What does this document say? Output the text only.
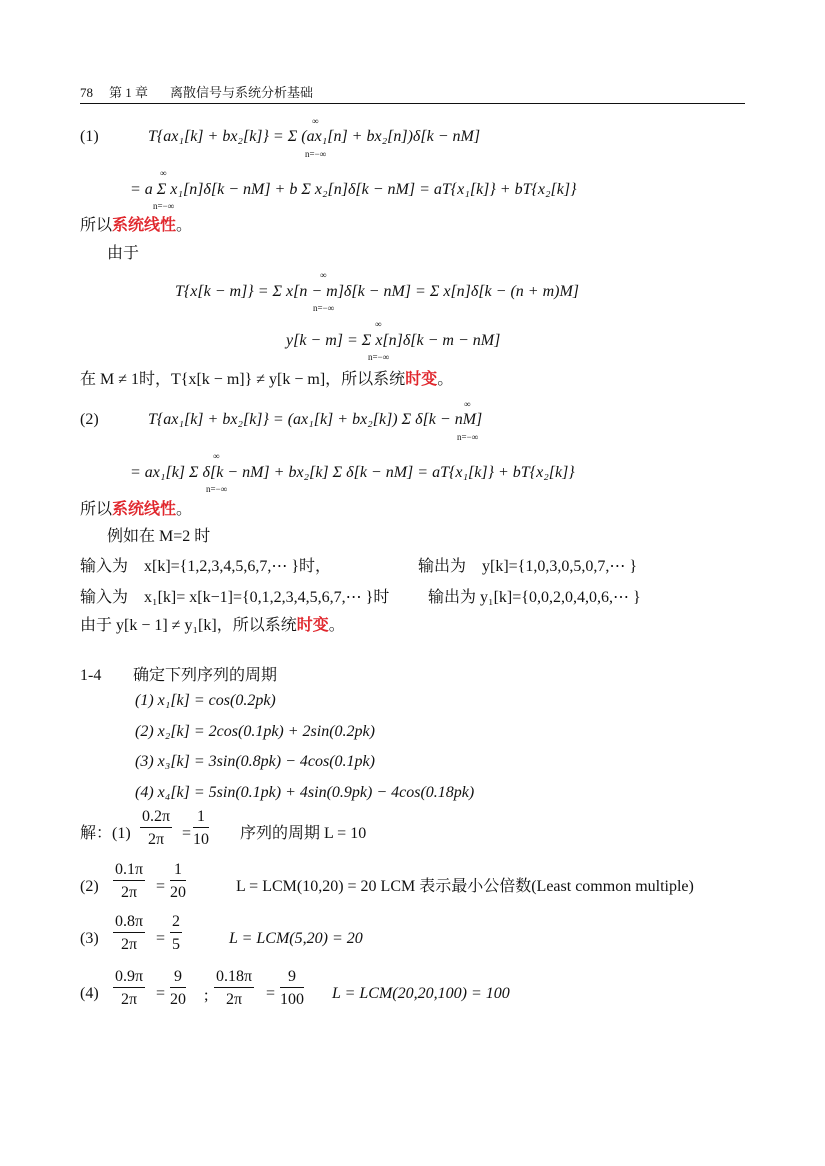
78 第 1 章 离散信号与系统分析基础
(1)	T{ax₁[k] + bx₂[k]} = Σ (ax₁[n] + bx₂[n])δ[k − nM]
∞
n=−∞
= a Σ x₁[n]δ[k − nM] + b Σ x₂[n]δ[k − nM] = aT{x₁[k]} + bT{x₂[k]}
∞
n=−∞
所以系统线性。
由于
T{x[k − m]} = Σ x[n − m]δ[k − nM] = Σ x[n]δ[k − (n + m)M]
∞
n=−∞
y[k − m] = Σ x[n]δ[k − m − nM]
∞
n=−∞
在 M ≠ 1时，T{x[k − m]} ≠ y[k − m]，所以系统时变。
(2)	T{ax₁[k] + bx₂[k]} = (ax₁[k] + bx₂[k]) Σ δ[k − nM]
∞
n=−∞
= ax₁[k] Σ δ[k − nM] + bx₂[k] Σ δ[k − nM] = aT{x₁[k]} + bT{x₂[k]}
∞
n=−∞
所以系统线性。
例如在 M=2 时
输入为　x[k]={1,2,3,4,5,6,7,⋯ }时，	输出为　y[k]={1,0,3,0,5,0,7,⋯ }
输入为　x₁[k]= x[k−1]={0,1,2,3,4,5,6,7,⋯ }时 输出为 y₁[k]={0,0,2,0,4,0,6,⋯ }
由于 y[k − 1] ≠ y₁[k]，所以系统时变。
1-4 确定下列序列的周期
(1) x₁[k] = cos(0.2pk)
(2) x₂[k] = 2cos(0.1pk) + 2sin(0.2pk)
(3) x₃[k] = 3sin(0.8pk) − 4cos(0.1pk)
(4) x₄[k] = 5sin(0.1pk) + 4sin(0.9pk) − 4cos(0.18pk)
解：$(1) \frac{0.2\pi}{2\pi} = \frac{1}{10}$ 序列的周期 L = 10
$(2) \frac{0.1\pi}{2\pi} = \frac{1}{20}$	L = LCM(10,20) = 20 LCM 表示最小公倍数(Least common multiple)
$(3) \frac{0.8\pi}{2\pi} = \frac{2}{5}$	L = LCM(5,20) = 20
$(4) \frac{0.9\pi}{2\pi} = \frac{9}{20}$ ; $\frac{0.18\pi}{2\pi} = \frac{9}{100}$ L = LCM(20,20,100) = 100
